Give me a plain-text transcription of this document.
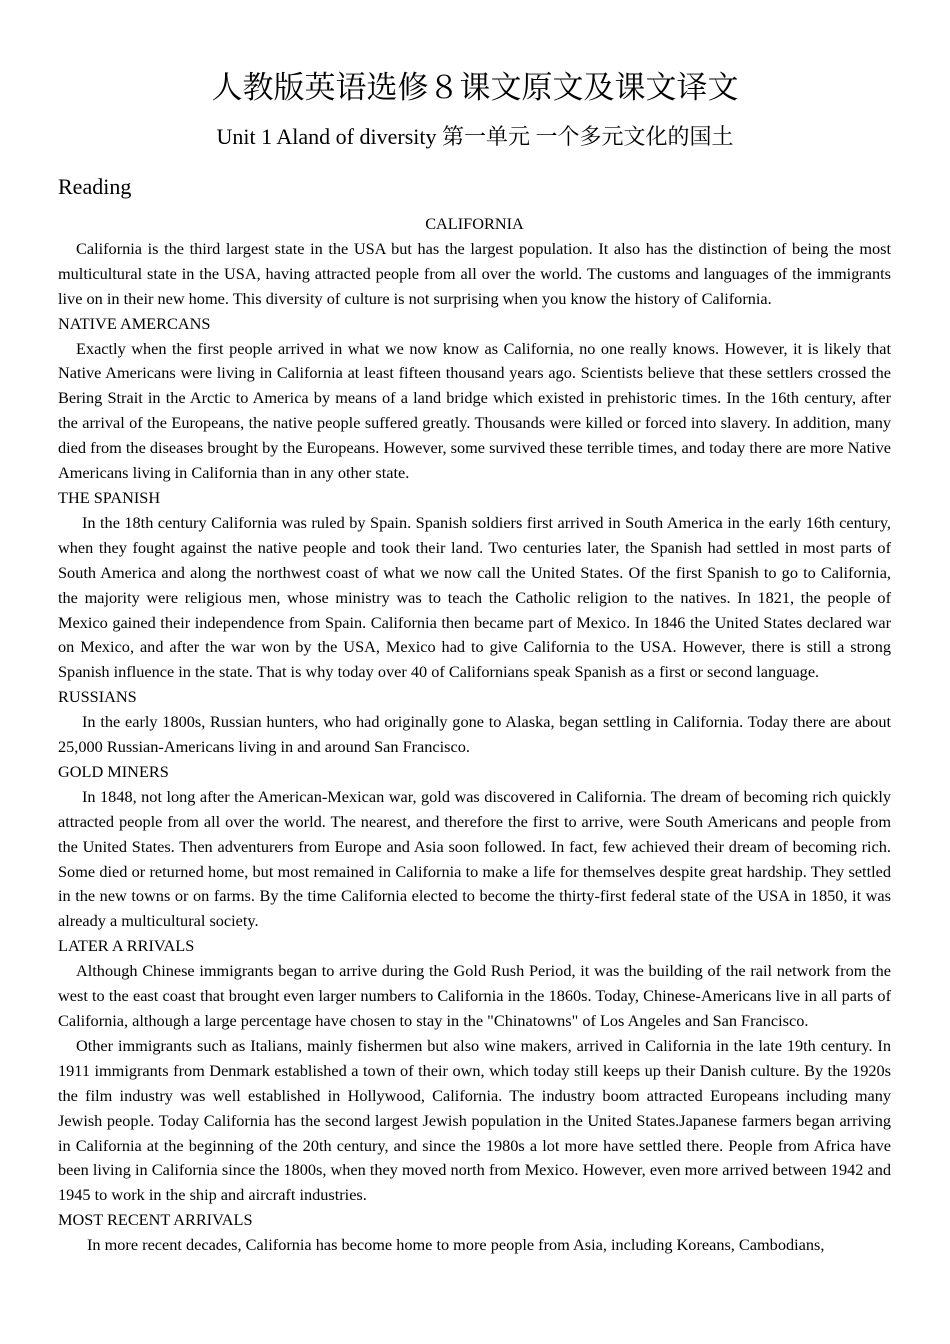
人教版英语选修８课文原文及课文译文
Unit 1 Aland of diversity 第一单元 一个多元文化的国土
Reading
CALIFORNIA
California is the third largest state in the USA but has the largest population. It also has the distinction of being the most multicultural state in the USA, having attracted people from all over the world. The customs and languages of the immigrants live on in their new home. This diversity of culture is not surprising when you know the history of California.
NATIVE AMERCANS
Exactly when the first people arrived in what we now know as California, no one really knows. However, it is likely that Native Americans were living in California at least fifteen thousand years ago. Scientists believe that these settlers crossed the Bering Strait in the Arctic to America by means of a land bridge which existed in prehistoric times. In the 16th century, after the arrival of the Europeans, the native people suffered greatly. Thousands were killed or forced into slavery. In addition, many died from the diseases brought by the Europeans. However, some survived these terrible times, and today there are more Native Americans living in California than in any other state.
THE SPANISH
In the 18th century California was ruled by Spain. Spanish soldiers first arrived in South America in the early 16th century, when they fought against the native people and took their land. Two centuries later, the Spanish had settled in most parts of South America and along the northwest coast of what we now call the United States. Of the first Spanish to go to California, the majority were religious men, whose ministry was to teach the Catholic religion to the natives. In 1821, the people of Mexico gained their independence from Spain. California then became part of Mexico. In 1846 the United States declared war on Mexico, and after the war won by the USA, Mexico had to give California to the USA. However, there is still a strong Spanish influence in the state. That is why today over 40 of Californians speak Spanish as a first or second language.
RUSSIANS
In the early 1800s, Russian hunters, who had originally gone to Alaska, began settling in California. Today there are about 25,000 Russian-Americans living in and around San Francisco.
GOLD MINERS
In 1848, not long after the American-Mexican war, gold was discovered in California. The dream of becoming rich quickly attracted people from all over the world. The nearest, and therefore the first to arrive, were South Americans and people from the United States. Then adventurers from Europe and Asia soon followed. In fact, few achieved their dream of becoming rich. Some died or returned home, but most remained in California to make a life for themselves despite great hardship. They settled in the new towns or on farms. By the time California elected to become the thirty-first federal state of the USA in 1850, it was already a multicultural society.
LATER A RRIVALS
Although Chinese immigrants began to arrive during the Gold Rush Period, it was the building of the rail network from the west to the east coast that brought even larger numbers to California in the 1860s. Today, Chinese-Americans live in all parts of California, although a large percentage have chosen to stay in the "Chinatowns" of Los Angeles and San Francisco.
Other immigrants such as Italians, mainly fishermen but also wine makers, arrived in California in the late 19th century. In 1911 immigrants from Denmark established a town of their own, which today still keeps up their Danish culture. By the 1920s the film industry was well established in Hollywood, California. The industry boom attracted Europeans including many Jewish people. Today California has the second largest Jewish population in the United States.Japanese farmers began arriving in California at the beginning of the 20th century, and since the 1980s a lot more have settled there. People from Africa have been living in California since the 1800s, when they moved north from Mexico. However, even more arrived between 1942 and 1945 to work in the ship and aircraft industries.
MOST RECENT ARRIVALS
In more recent decades, California has become home to more people from Asia, including Koreans, Cambodians,
